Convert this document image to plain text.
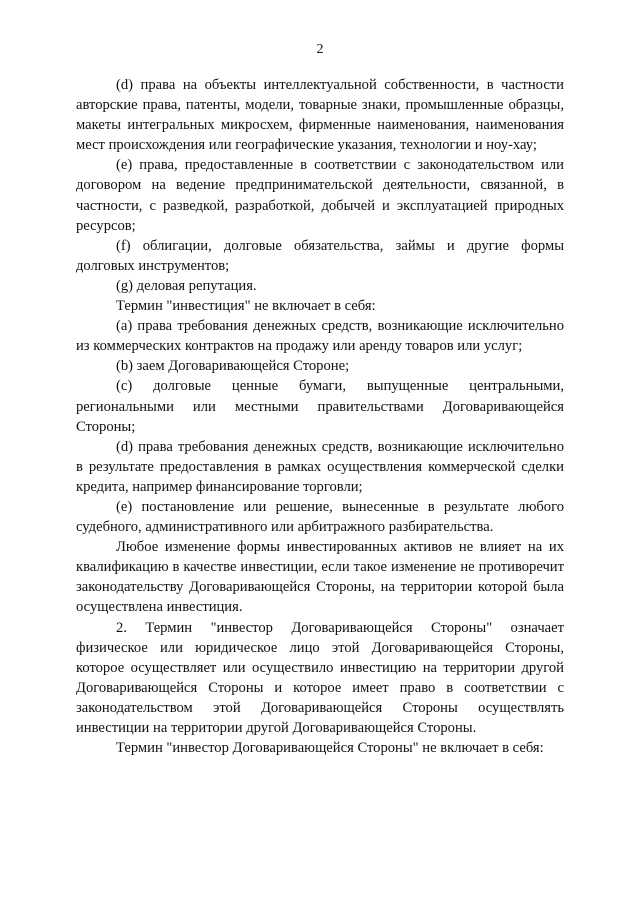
2

(d) права на объекты интеллектуальной собственности, в частности авторские права, патенты, модели, товарные знаки, промышленные образцы, макеты интегральных микросхем, фирменные наименования, наименования мест происхождения или географические указания, технологии и ноу-хау;

(e) права, предоставленные в соответствии с законодательством или договором на ведение предпринимательской деятельности, связанной, в частности, с разведкой, разработкой, добычей и эксплуатацией природных ресурсов;

(f) облигации, долговые обязательства, займы и другие формы долговых инструментов;

(g) деловая репутация.

Термин "инвестиция" не включает в себя:

(a) права требования денежных средств, возникающие исключительно из коммерческих контрактов на продажу или аренду товаров или услуг;

(b) заем Договаривающейся Стороне;

(c) долговые ценные бумаги, выпущенные центральными, региональными или местными правительствами Договаривающейся Стороны;

(d) права требования денежных средств, возникающие исключительно в результате предоставления в рамках осуществления коммерческой сделки кредита, например финансирование торговли;

(e) постановление или решение, вынесенные в результате любого судебного, административного или арбитражного разбирательства.

Любое изменение формы инвестированных активов не влияет на их квалификацию в качестве инвестиции, если такое изменение не противоречит законодательству Договаривающейся Стороны, на территории которой была осуществлена инвестиция.

2. Термин "инвестор Договаривающейся Стороны" означает физическое или юридическое лицо этой Договаривающейся Стороны, которое осуществляет или осуществило инвестицию на территории другой Договаривающейся Стороны и которое имеет право в соответствии с законодательством этой Договаривающейся Стороны осуществлять инвестиции на территории другой Договаривающейся Стороны.

Термин "инвестор Договаривающейся Стороны" не включает в себя:
